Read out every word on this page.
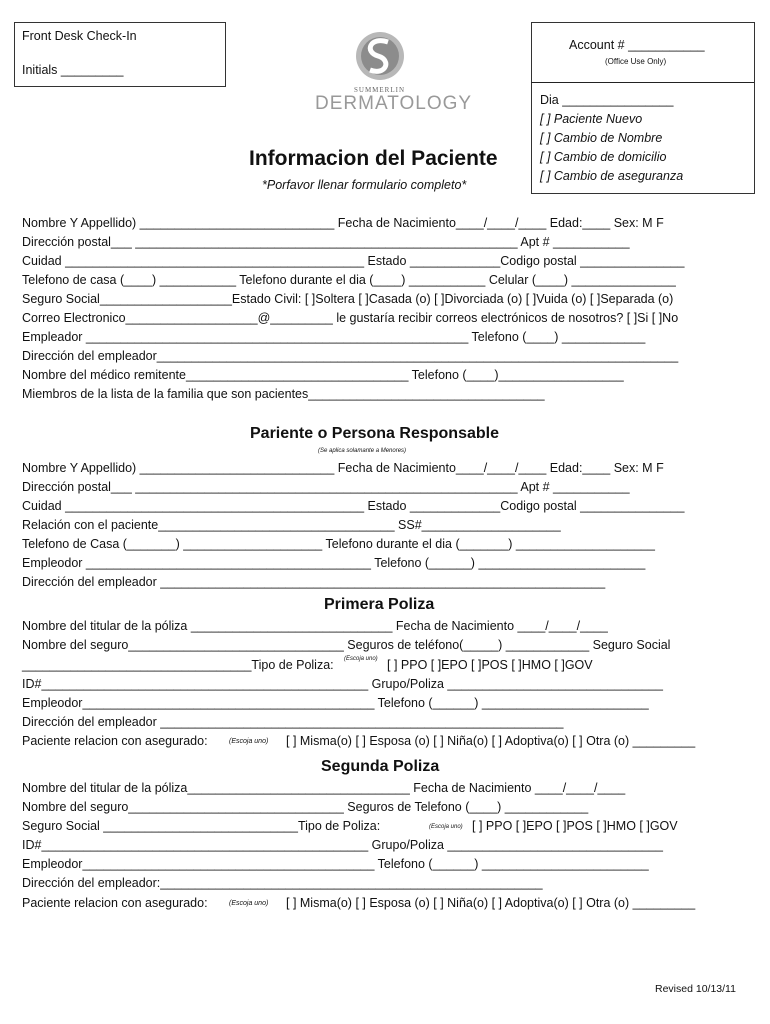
Front Desk Check-In
Initials _________
SUMMERLIN
DERMATOLOGY
Account # ___________
(Office Use Only)
Dia ________________
[ ] Paciente Nuevo
[ ] Cambio de Nombre
[ ] Cambio de domicilio
[ ] Cambio de aseguranza
Informacion del Paciente
*Porfavor llenar formulario completo*
Nombre Y Appellido) ____________________________ Fecha de Nacimiento____/____/____ Edad:____ Sex: M F
Dirección postal___ _______________________________________________________ Apt # ___________
Cuidad ___________________________________________ Estado _____________Codigo postal _______________
Telefono de casa (____) ___________ Telefono durante el dia (____) ___________ Celular (____) _______________
Seguro Social___________________Estado Civil: [ ]Soltera [ ]Casada (o) [ ]Divorciada (o) [ ]Vuida (o) [ ]Separada (o)
Correo Electronico___________________@_________ le gustaría recibir correos electrónicos de nosotros? [ ]Si [ ]No
Empleador _______________________________________________________ Telefono (____) ____________
Dirección del empleador___________________________________________________________________________
Nombre del médico remitente________________________________ Telefono (____)__________________
Miembros de la lista de la familia que son pacientes__________________________________
Pariente o Persona Responsable
(Se aplica solamante a Menores)
Nombre Y Appellido) ____________________________ Fecha de Nacimiento____/____/____ Edad:____ Sex: M F
Dirección postal___ _______________________________________________________ Apt # ___________
Cuidad ___________________________________________ Estado _____________Codigo postal _______________
Relación con el paciente__________________________________ SS#____________________
Telefono de Casa (_______) ____________________ Telefono durante el dia (_______) ____________________
Empleodor _________________________________________ Telefono (______) ________________________
Dirección del empleador ________________________________________________________________
Primera Poliza
Nombre del titular de la póliza _____________________________ Fecha de Nacimiento ____/____/____
Nombre del seguro_______________________________ Seguros de teléfono(_____) ____________ Seguro Social
_________________________________Tipo de Poliza: (Escoja uno) [ ] PPO [ ]EPO [ ]POS [ ]HMO [ ]GOV
ID#_______________________________________________ Grupo/Poliza _______________________________
Empleodor__________________________________________ Telefono (______) ________________________
Dirección del empleador __________________________________________________________
Paciente relacion con asegurado:	(Escoja uno) [ ] Misma(o) [ ] Esposa (o) [ ] Niña(o) [ ] Adoptiva(o) [ ] Otra (o) _________
Segunda Poliza
Nombre del titular de la póliza________________________________ Fecha de Nacimiento ____/____/____
Nombre del seguro_______________________________ Seguros de Telefono (____) ____________
Seguro Social ____________________________Tipo de Poliza:	(Escoja uno) [ ] PPO [ ]EPO [ ]POS [ ]HMO [ ]GOV
ID#_______________________________________________ Grupo/Poliza _______________________________
Empleodor__________________________________________ Telefono (______) ________________________
Dirección del empleador:_______________________________________________________
Paciente relacion con asegurado:	(Escoja uno) [ ] Misma(o) [ ] Esposa (o) [ ] Niña(o) [ ] Adoptiva(o) [ ] Otra (o) _________
Revised 10/13/11
